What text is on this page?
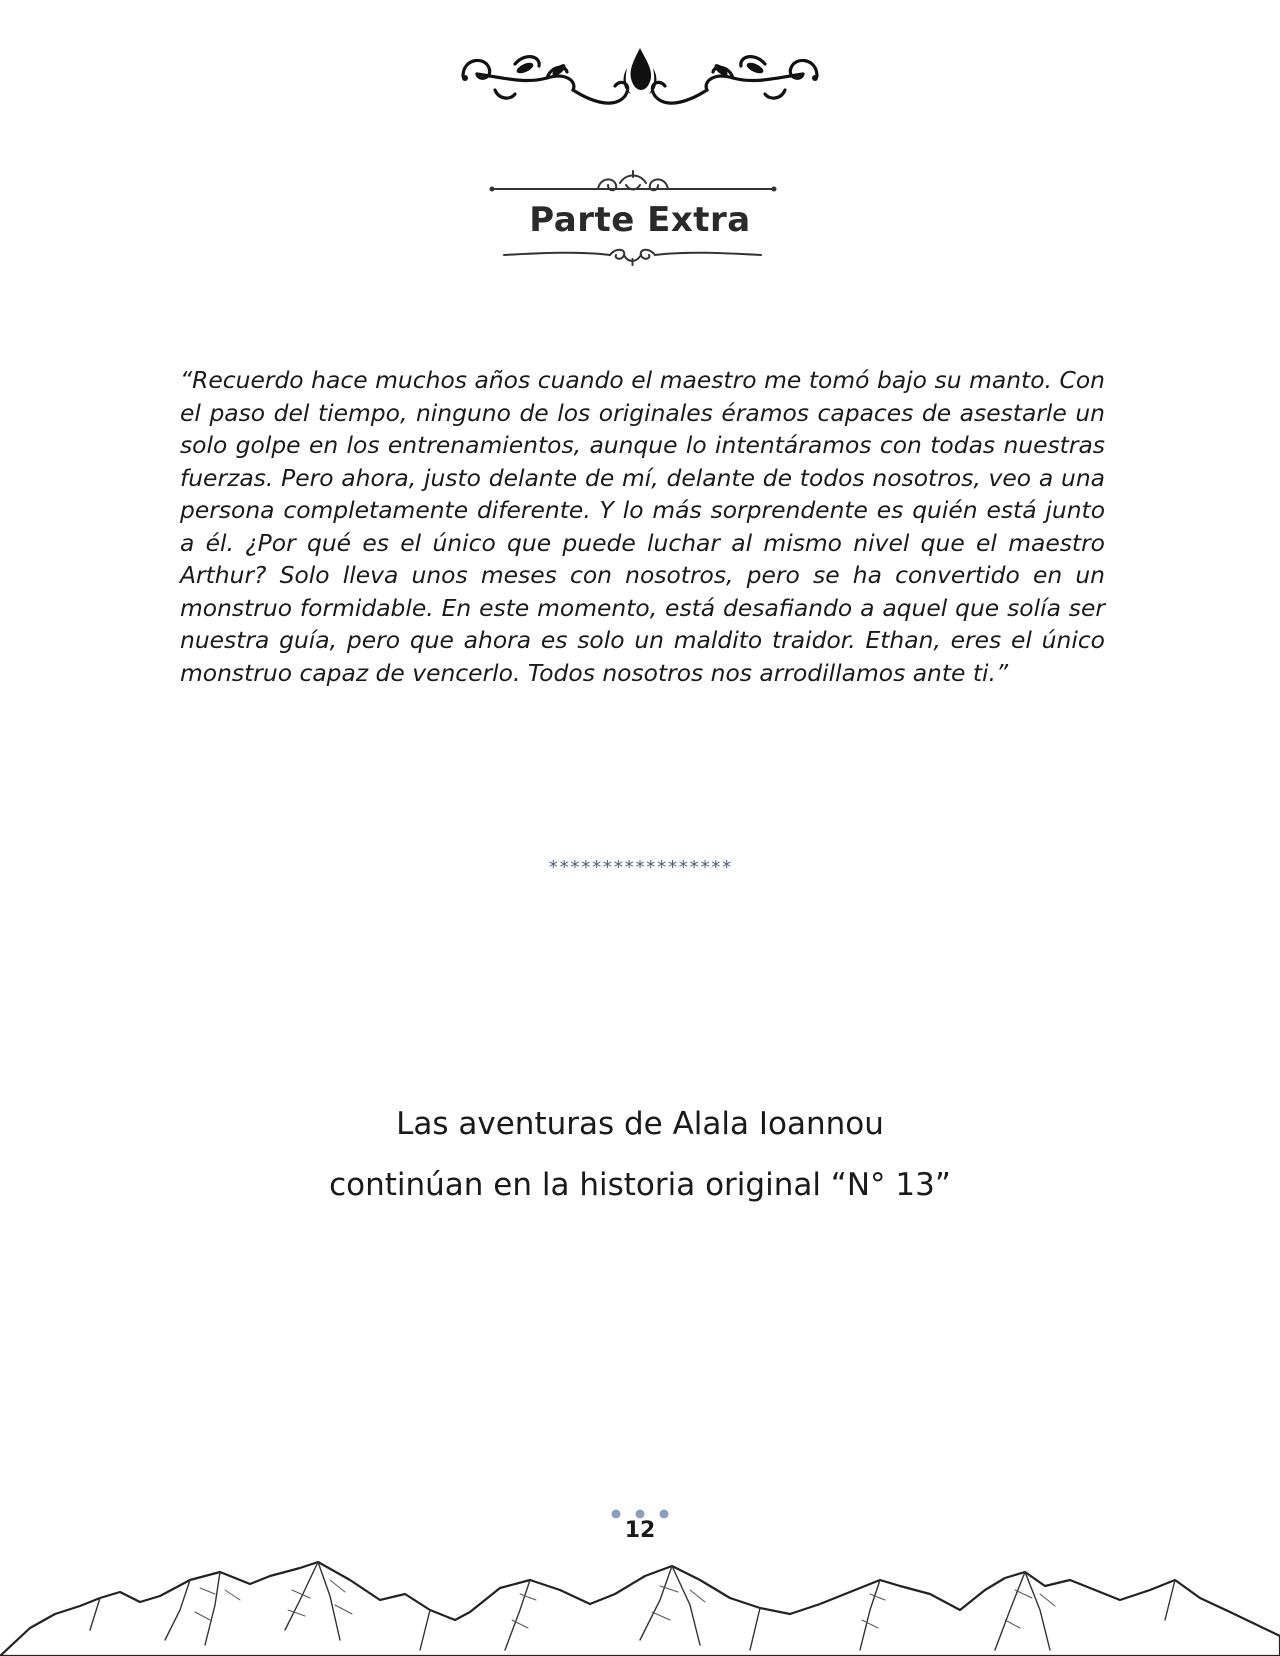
Parte Extra

“Recuerdo hace muchos años cuando el maestro me tomó bajo su manto. Con el paso del tiempo, ninguno de los originales éramos capaces de asestarle un solo golpe en los entrenamientos, aunque lo intentáramos con todas nuestras fuerzas. Pero ahora, justo delante de mí, delante de todos nosotros, veo a una persona completamente diferente. Y lo más sorprendente es quién está junto a él. ¿Por qué es el único que puede luchar al mismo nivel que el maestro Arthur? Solo lleva unos meses con nosotros, pero se ha convertido en un monstruo formidable. En este momento, está desafiando a aquel que solía ser nuestra guía, pero que ahora es solo un maldito traidor. Ethan, eres el único monstruo capaz de vencerlo. Todos nosotros nos arrodillamos ante ti.”

*****************
Las aventuras de Alala Ioannou
continúan en la historia original “N° 13”
12
